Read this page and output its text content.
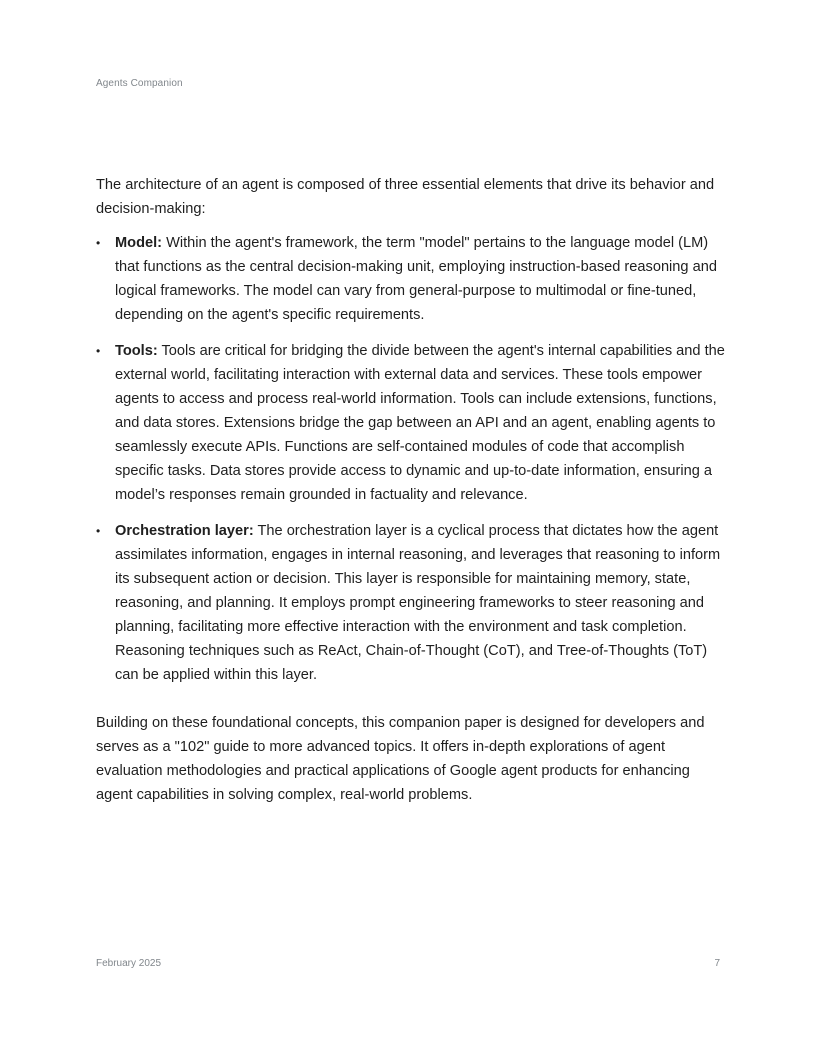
Agents Companion

The architecture of an agent is composed of three essential elements that drive its behavior and decision-making:

• Model: Within the agent's framework, the term "model" pertains to the language model (LM) that functions as the central decision-making unit, employing instruction-based reasoning and logical frameworks. The model can vary from general-purpose to multimodal or fine-tuned, depending on the agent's specific requirements.
• Tools: Tools are critical for bridging the divide between the agent's internal capabilities and the external world, facilitating interaction with external data and services. These tools empower agents to access and process real-world information. Tools can include extensions, functions, and data stores. Extensions bridge the gap between an API and an agent, enabling agents to seamlessly execute APIs. Functions are self-contained modules of code that accomplish specific tasks. Data stores provide access to dynamic and up-to-date information, ensuring a model’s responses remain grounded in factuality and relevance.
• Orchestration layer: The orchestration layer is a cyclical process that dictates how the agent assimilates information, engages in internal reasoning, and leverages that reasoning to inform its subsequent action or decision. This layer is responsible for maintaining memory, state, reasoning, and planning. It employs prompt engineering frameworks to steer reasoning and planning, facilitating more effective interaction with the environment and task completion. Reasoning techniques such as ReAct, Chain-of-Thought (CoT), and Tree-of-Thoughts (ToT) can be applied within this layer.

Building on these foundational concepts, this companion paper is designed for developers and serves as a "102" guide to more advanced topics. It offers in-depth explorations of agent evaluation methodologies and practical applications of Google agent products for enhancing agent capabilities in solving complex, real-world problems.

February 2025	7
